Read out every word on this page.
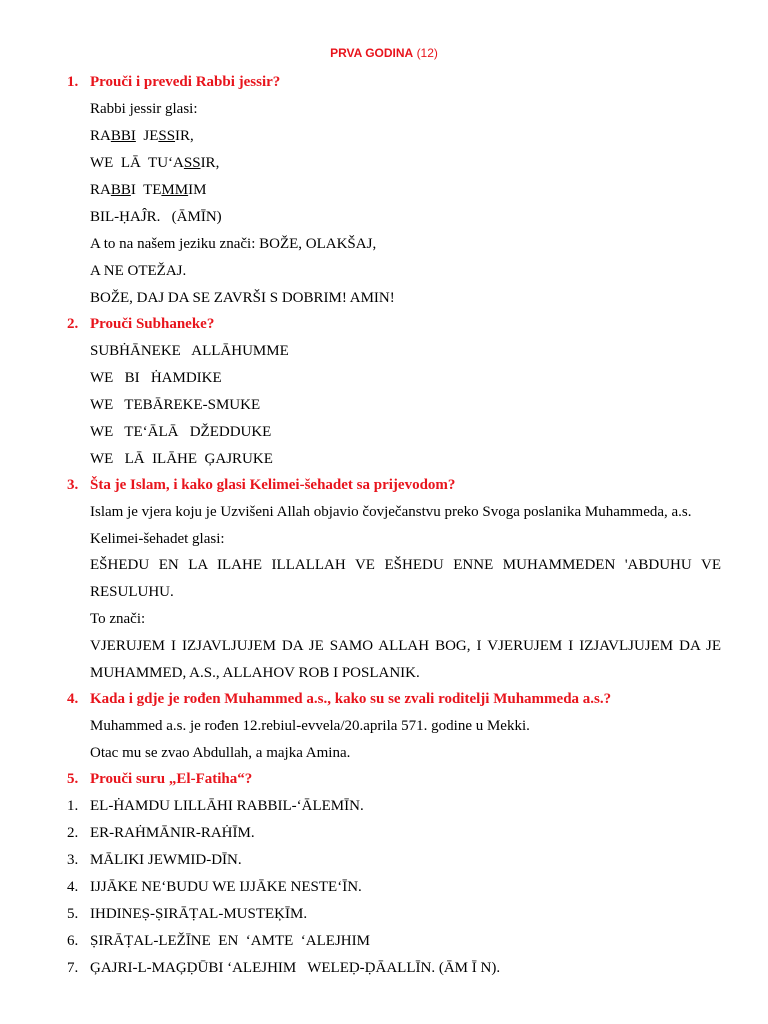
PRVA GODINA (12)
1. Prouči i prevedi Rabbi jessir?
Rabbi jessir glasi:
RABBI  JESSIR,
WE  LĀ  TU‘ASSIR,
RABBI  TEMMIM
BIL-ḤAĴR.   (ĀMĪN)
A to na našem jeziku znači: BOŽE, OLAKŠAJ,
A NE OTEŽAJ.
BOŽE, DAJ DA SE ZAVRŠI S DOBRIM! AMIN!
2. Prouči Subhaneke?
SUBḢĀNEKE   ALLĀHUMME
WE   BI   ḢAMDIKE
WE   TEBĀREKE-SMUKE
WE   TE‘ĀLĀ   DŽEDDUKE
WE   LĀ  ILĀHE  ĢAJRUKE
3. Šta je Islam, i kako glasi Kelimei-šehadet sa prijevodom?
Islam je vjera koju je Uzvišeni Allah objavio čovječanstvu preko Svoga poslanika Muhammeda, a.s.
Kelimei-šehadet glasi:
EŠHEDU EN LA ILAHE ILLALLAH VE EŠHEDU ENNE MUHAMMEDEN 'ABDUHU VE
RESULUHU.
To znači:
VJERUJEM I IZJAVLJUJEM DA JE SAMO ALLAH BOG, I VJERUJEM I IZJAVLJUJEM DA JE
MUHAMMED, A.S., ALLAHOV ROB I POSLANIK.
4. Kada i gdje je rođen Muhammed a.s., kako su se zvali roditelji Muhammeda a.s.?
Muhammed a.s. je rođen 12.rebiul-evvela/20.aprila 571. godine u Mekki.
Otac mu se zvao Abdullah, a majka Amina.
5. Prouči suru „El-Fatiha“?
1. EL-ḢAMDU LILLĀHI RABBIL-‘ĀLEMĪN.
2. ER-RAḢMĀNIR-RAḢĪM.
3. MĀLIKI JEWMID-DĪN.
4. IJJĀKE NE‘BUDU WE IJJĀKE NESTE‘ĪN.
5. IHDINEṢ-ṢIRĀṬAL-MUSTEĶĪM.
6. ṢIRĀṬAL-LEŽĪNE  EN  ‘AMTE  ‘ALEJHIM
7. ĢAJRI-L-MAĢḌŪBI ‘ALEJHIM   WELEḌ-ḌĀALLĪN. (ĀM Ī N).
